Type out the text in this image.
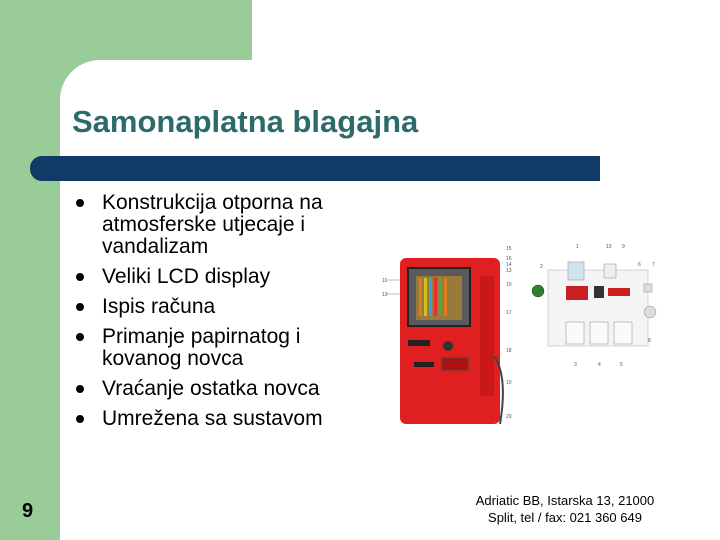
Samonaplatna blagajna
Konstrukcija otporna na atmosferske utjecaje i vandalizam
Veliki LCD display
Ispis računa
Primanje papirnatog i kovanog novca
Vraćanje ostatka novca
Umrežena sa sustavom
11
12
15
16
14
13
10
17
18
10
20
2
1	10 9
6 7
3	4	5
8
9	Adriatic BB, Istarska 13, 21000
Split, tel / fax: 021 360 649
